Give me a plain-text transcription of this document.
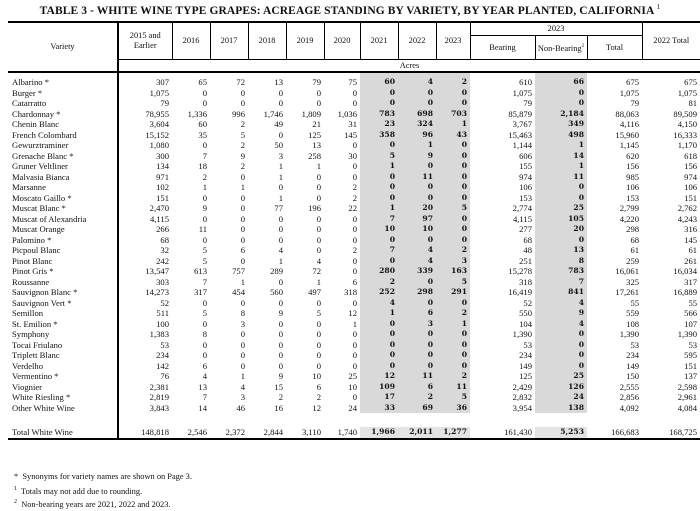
TABLE 3 - WHITE WINE TYPE GRAPES: ACREAGE STANDING BY VARIETY, BY YEAR PLANTED, CALIFORNIA $^1$
Variety	2015 and Earlier	2016	2017	2018	2019	2020	2021	2022	2023	2023			2022 Total
										Bearing	Non-Bearing$^2$	Total	
	Acres												
Albarino *	307	65	72	13	79	75	60	4	2	610	66	675	675
Burger *	1,075	0	0	0	0	0	0	0	0	1,075	0	1,075	1,075
Catarratto	79	0	0	0	0	0	0	0	0	79	0	79	81
Chardonnay *	78,955	1,336	996	1,746	1,809	1,036	783	698	703	85,879	2,184	88,063	89,509
Chenin Blanc	3,604	60	2	49	21	31	23	324	1	3,767	349	4,116	4,150
French Colombard	15,152	35	5	0	125	145	358	96	43	15,463	498	15,960	16,333
Gewurztraminer	1,080	0	2	50	13	0	0	1	0	1,144	1	1,145	1,170
Grenache Blanc *	300	7	9	3	258	30	5	9	0	606	14	620	618
Gruner Veltliner	134	18	2	1	1	0	1	0	0	155	1	156	156
Malvasia Bianca	971	2	0	1	0	0	0	11	0	974	11	985	974
Marsanne	102	1	1	0	0	2	0	0	0	106	0	106	106
Moscato Gaillo *	151	0	0	1	0	2	0	0	0	153	0	153	151
Muscat Blanc *	2,470	9	0	77	196	22	1	20	5	2,774	25	2,799	2,762
Muscat of Alexandria	4,115	0	0	0	0	0	7	97	0	4,115	105	4,220	4,243
Muscat Orange	266	11	0	0	0	0	10	10	0	277	20	298	316
Palomino *	68	0	0	0	0	0	0	0	0	68	0	68	145
Picpoul Blanc	32	5	6	4	0	2	7	4	2	48	13	61	61
Pinot Blanc	242	5	0	1	4	0	0	4	3	251	8	259	261
Pinot Gris *	13,547	613	757	289	72	0	280	339	163	15,278	783	16,061	16,034
Roussanne	303	7	1	0	1	6	2	0	5	318	7	325	317
Sauvignon Blanc *	14,273	317	454	560	497	318	252	298	291	16,419	841	17,261	16,889
Sauvignon Vert *	52	0	0	0	0	0	4	0	0	52	4	55	55
Semillon	511	5	8	9	5	12	1	6	2	550	9	559	566
St. Emilion *	100	0	3	0	0	1	0	3	1	104	4	108	107
Symphony	1,383	8	0	0	0	0	0	0	0	1,390	0	1,390	1,390
Tocai Friulano	53	0	0	0	0	0	0	0	0	53	0	53	53
Triplett Blanc	234	0	0	0	0	0	0	0	0	234	0	234	595
Verdelho	142	6	0	0	0	0	0	0	0	149	0	149	151
Vermentino *	76	4	1	9	10	25	12	11	2	125	25	150	137
Viognier	2,381	13	4	15	6	10	109	6	11	2,429	126	2,555	2,598
White Riesling *	2,819	7	3	2	2	0	17	2	5	2,832	24	2,856	2,961
Other White Wine	3,843	14	46	16	12	24	33	69	36	3,954	138	4,092	4,084

Total White Wine	148,818	2,546	2,372	2,844	3,110	1,740	1,966	2,011	1,277	161,430	5,253	166,683	168,725
* Synonyms for variety names are shown on Page 3.
$^1$ Totals may not add due to rounding.
$^2$ Non-bearing years are 2021, 2022 and 2023.
